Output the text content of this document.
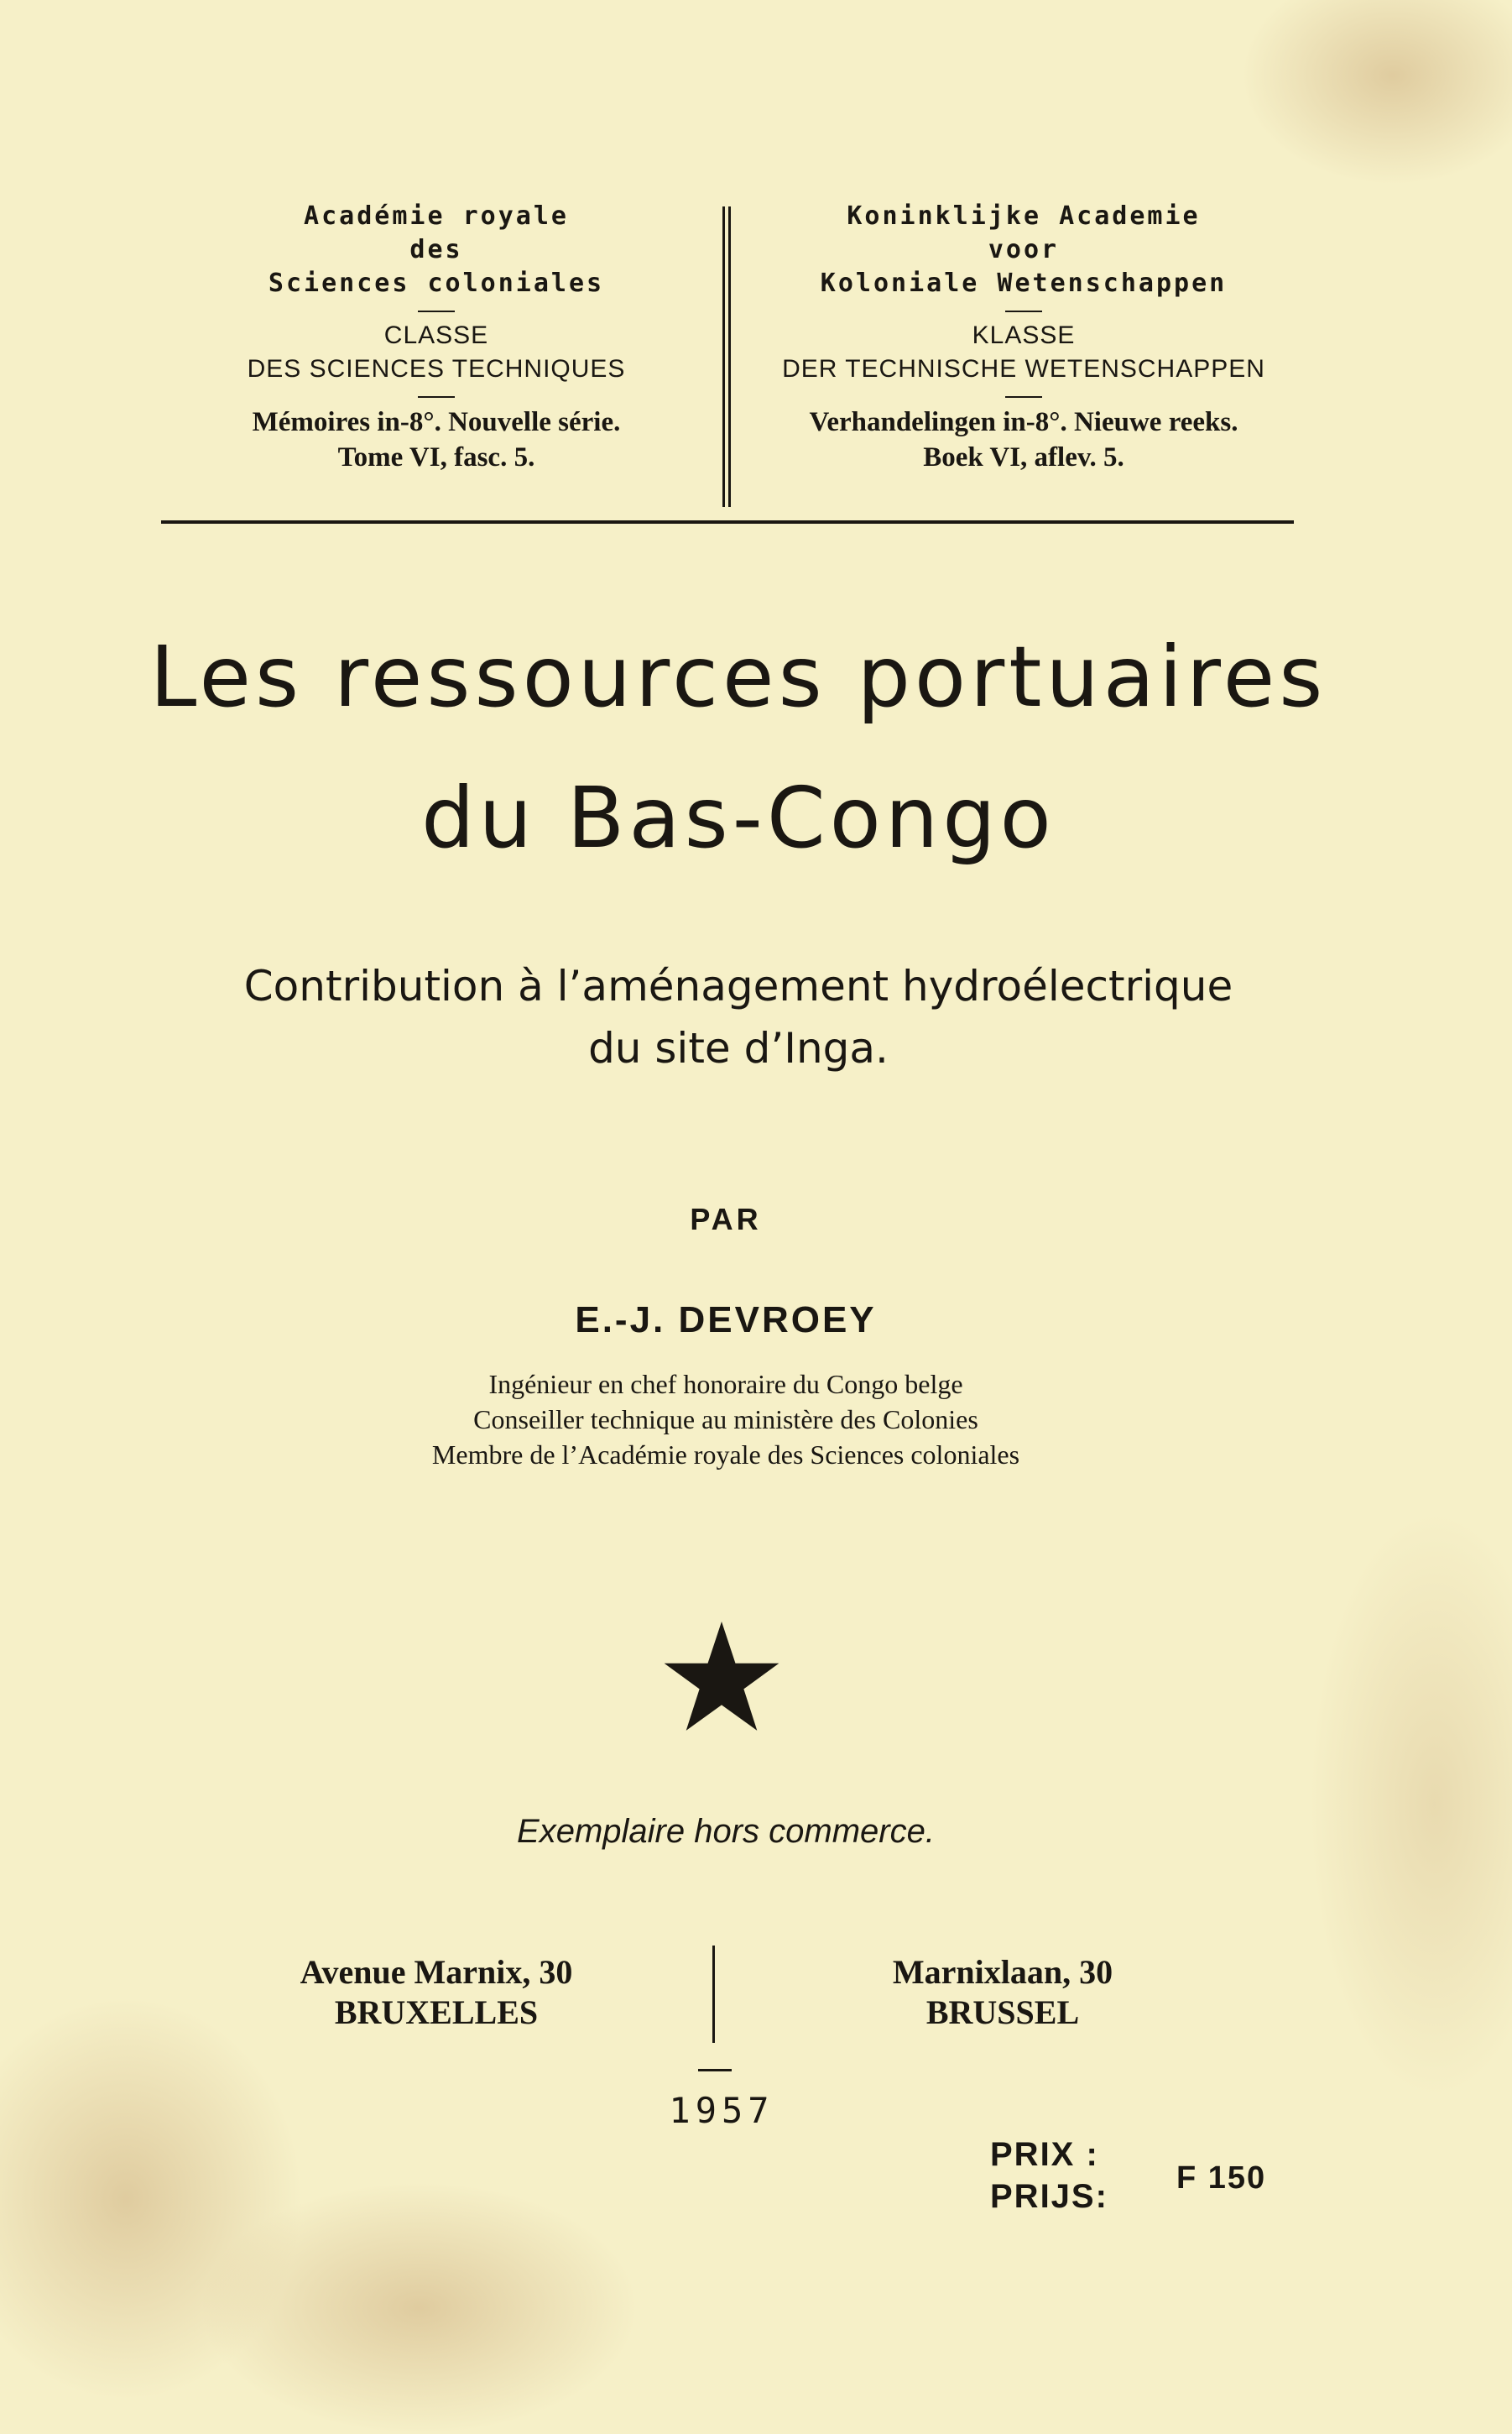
Académie royale
des
Sciences coloniales
CLASSE
DES SCIENCES TECHNIQUES
Mémoires in-8°. Nouvelle série.
Tome VI, fasc. 5.
Koninklijke Academie
voor
Koloniale Wetenschappen
KLASSE
DER TECHNISCHE WETENSCHAPPEN
Verhandelingen in-8°. Nieuwe reeks.
Boek VI, aflev. 5.
Les ressources portuaires
du Bas-Congo
Contribution à l’aménagement hydroélectrique
du site d’Inga.
PAR
E.-J. DEVROEY
Ingénieur en chef honoraire du Congo belge
Conseiller technique au ministère des Colonies
Membre de l’Académie royale des Sciences coloniales
Exemplaire hors commerce.
Avenue Marnix, 30
BRUXELLES
Marnixlaan, 30
BRUSSEL
1957
PRIX :
PRIJS: F 150
